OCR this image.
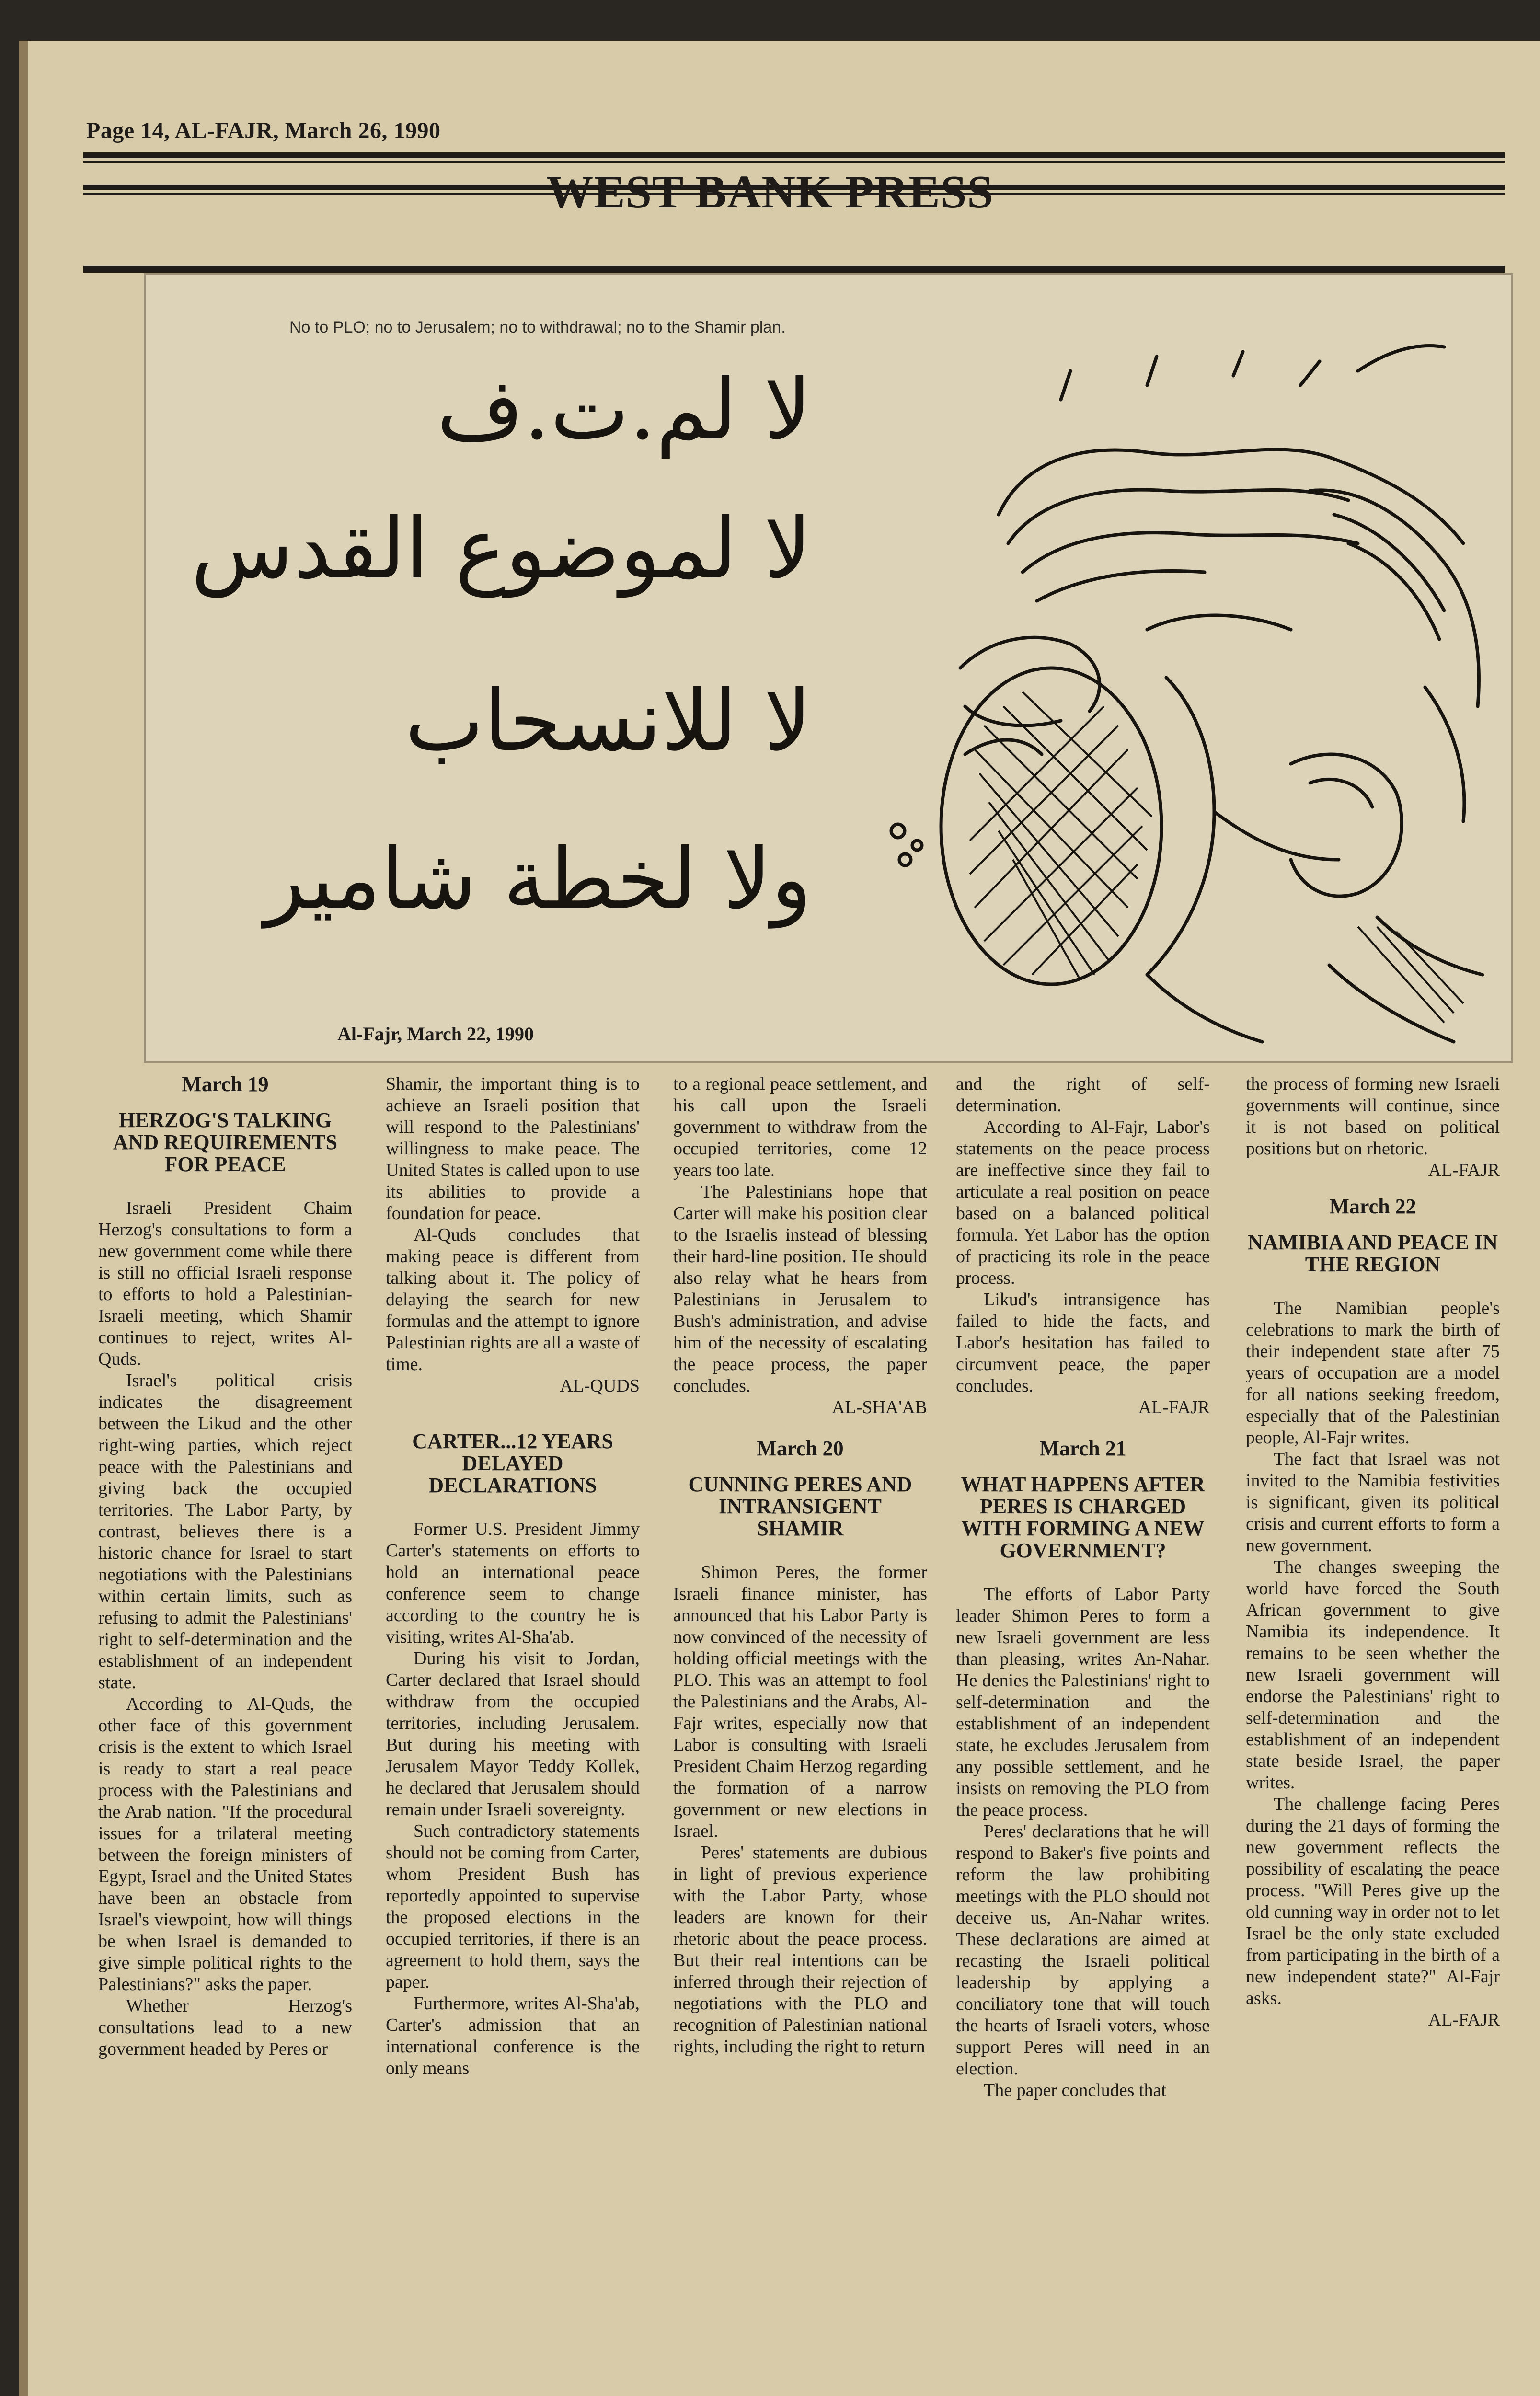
Page 14, AL-FAJR, March 26, 1990
WEST BANK PRESS
No to PLO; no to Jerusalem; no to withdrawal; no to the Shamir plan.
لا لم.ت.ف
لا لموضوع القدس
لا للانسحاب
ولا لخطة شامير
Al-Fajr, March 22, 1990
March 19
HERZOG'S TALKING AND REQUIREMENTS FOR PEACE

Israeli President Chaim Herzog's consultations to form a new government come while there is still no official Israeli response to efforts to hold a Palestinian-Israeli meeting, which Shamir continues to reject, writes Al-Quds.

Israel's political crisis indicates the disagreement between the Likud and the other right-wing parties, which reject peace with the Palestinians and giving back the occupied territories. The Labor Party, by contrast, believes there is a historic chance for Israel to start negotiations with the Palestinians within certain limits, such as refusing to admit the Palestinians' right to self-determination and the establishment of an independent state.

According to Al-Quds, the other face of this government crisis is the extent to which Israel is ready to start a real peace process with the Palestinians and the Arab nation. "If the procedural issues for a trilateral meeting between the foreign ministers of Egypt, Israel and the United States have been an obstacle from Israel's viewpoint, how will things be when Israel is demanded to give simple political rights to the Palestinians?" asks the paper.

Whether Herzog's consultations lead to a new government headed by Peres or

Shamir, the important thing is to achieve an Israeli position that will respond to the Palestinians' willingness to make peace. The United States is called upon to use its abilities to provide a foundation for peace.

Al-Quds concludes that making peace is different from talking about it. The policy of delaying the search for new formulas and the attempt to ignore Palestinian rights are all a waste of time.

AL-QUDS

CARTER...12 YEARS DELAYED DECLARATIONS

Former U.S. President Jimmy Carter's statements on efforts to hold an international peace conference seem to change according to the country he is visiting, writes Al-Sha'ab.

During his visit to Jordan, Carter declared that Israel should withdraw from the occupied territories, including Jerusalem. But during his meeting with Jerusalem Mayor Teddy Kollek, he declared that Jerusalem should remain under Israeli sovereignty.

Such contradictory statements should not be coming from Carter, whom President Bush has reportedly appointed to supervise the proposed elections in the occupied territories, if there is an agreement to hold them, says the paper.

Furthermore, writes Al-Sha'ab, Carter's admission that an international conference is the only means

to a regional peace settlement, and his call upon the Israeli government to withdraw from the occupied territories, come 12 years too late.

The Palestinians hope that Carter will make his position clear to the Israelis instead of blessing their hard-line position. He should also relay what he hears from Palestinians in Jerusalem to Bush's administration, and advise him of the necessity of escalating the peace process, the paper concludes.

AL-SHA'AB

March 20
CUNNING PERES AND INTRANSIGENT SHAMIR

Shimon Peres, the former Israeli finance minister, has announced that his Labor Party is now convinced of the necessity of holding official meetings with the PLO. This was an attempt to fool the Palestinians and the Arabs, Al-Fajr writes, especially now that Labor is consulting with Israeli President Chaim Herzog regarding the formation of a narrow government or new elections in Israel.

Peres' statements are dubious in light of previous experience with the Labor Party, whose leaders are known for their rhetoric about the peace process. But their real intentions can be inferred through their rejection of negotiations with the PLO and recognition of Palestinian national rights, including the right to return

and the right of self-determination.

According to Al-Fajr, Labor's statements on the peace process are ineffective since they fail to articulate a real position on peace based on a balanced political formula. Yet Labor has the option of practicing its role in the peace process.

Likud's intransigence has failed to hide the facts, and Labor's hesitation has failed to circumvent peace, the paper concludes.

AL-FAJR

March 21
WHAT HAPPENS AFTER PERES IS CHARGED WITH FORMING A NEW GOVERNMENT?

The efforts of Labor Party leader Shimon Peres to form a new Israeli government are less than pleasing, writes An-Nahar. He denies the Palestinians' right to self-determination and the establishment of an independent state, he excludes Jerusalem from any possible settlement, and he insists on removing the PLO from the peace process.

Peres' declarations that he will respond to Baker's five points and reform the law prohibiting meetings with the PLO should not deceive us, An-Nahar writes. These declarations are aimed at recasting the Israeli political leadership by applying a conciliatory tone that will touch the hearts of Israeli voters, whose support Peres will need in an election.

The paper concludes that

the process of forming new Israeli governments will continue, since it is not based on political positions but on rhetoric.

AL-FAJR

March 22
NAMIBIA AND PEACE IN THE REGION

The Namibian people's celebrations to mark the birth of their independent state after 75 years of occupation are a model for all nations seeking freedom, especially that of the Palestinian people, Al-Fajr writes.

The fact that Israel was not invited to the Namibia festivities is significant, given its political crisis and current efforts to form a new government.

The changes sweeping the world have forced the South African government to give Namibia its independence. It remains to be seen whether the new Israeli government will endorse the Palestinians' right to self-determination and the establishment of an independent state beside Israel, the paper writes.

The challenge facing Peres during the 21 days of forming the new government reflects the possibility of escalating the peace process. "Will Peres give up the old cunning way in order not to let Israel be the only state excluded from participating in the birth of a new independent state?" Al-Fajr asks.

AL-FAJR
